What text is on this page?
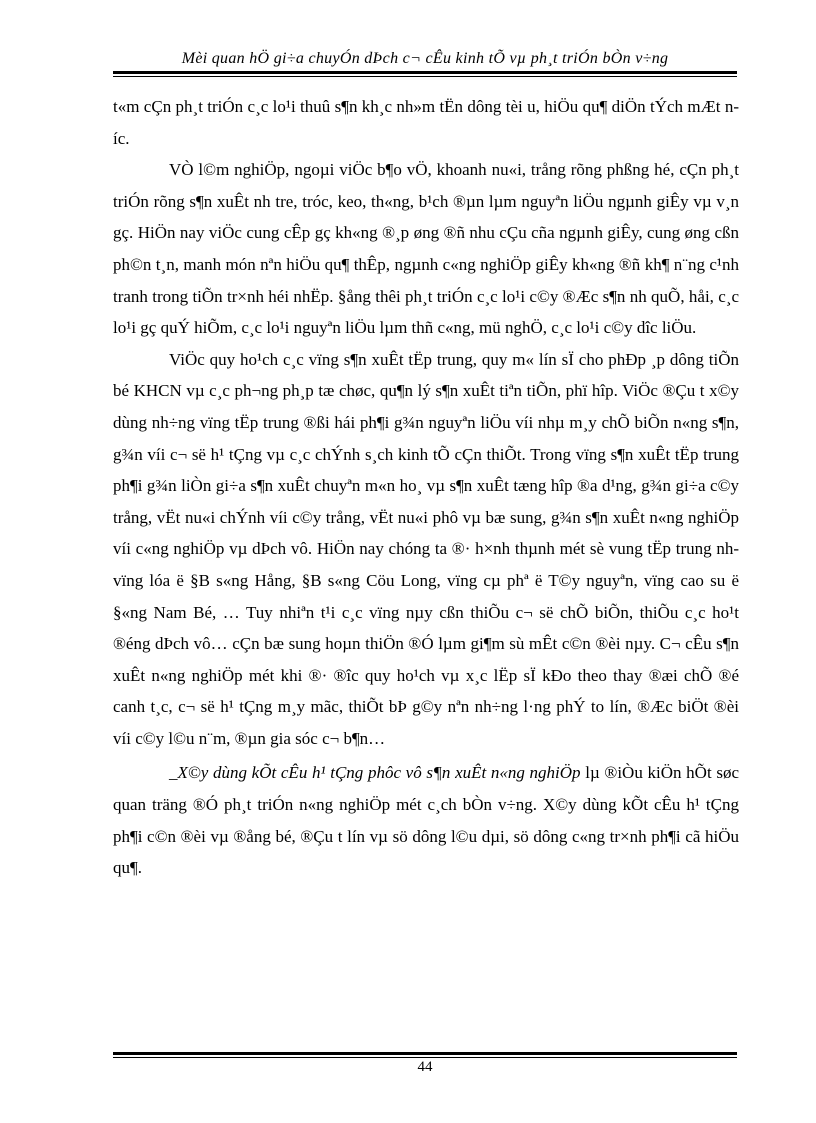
Mèi quan hÖ gi÷a chuyÓn dÞch c¬ cÊu kinh tÕ vµ ph¸t triÓn bÒn v÷ng

t«m cÇn ph¸t triÓn c¸c lo¹i thuû s¶n kh¸c nh»m tËn dông tèi u, hiÖu qu¶ diÖn tÝch mÆt níc.

VÒ l©m nghiÖp, ngoµi viÖc b¶o vÖ, khoanh nu«i, trång rõng phßng hé, cÇn ph¸t triÓn rõng s¶n xuÊt nh tre, tróc, keo, th«ng, b¹ch ®µn lµm nguyªn liÖu ngµnh giÊy vµ v¸n gç. HiÖn nay viÖc cung cÊp gç kh«ng ®¸p øng ®ñ nhu cÇu cña ngµnh giÊy, cung øng cßn ph©n t¸n, manh món nªn hiÖu qu¶ thÊp, ngµnh c«ng nghiÖp giÊy kh«ng ®ñ kh¶ n¨ng c¹nh tranh trong tiÕn tr×nh héi nhËp. §ång thêi ph¸t triÓn c¸c lo¹i c©y ®Æc s¶n nh quÕ, håi, c¸c lo¹i gç quÝ hiÕm, c¸c lo¹i nguyªn liÖu lµm thñ c«ng, mü nghÖ, c¸c lo¹i c©y dîc liÖu.

ViÖc quy ho¹ch c¸c vïng s¶n xuÊt tËp trung, quy m« lín sÏ cho phÐp ¸p dông tiÕn bé KHCN vµ c¸c ph¬ng ph¸p tæ chøc, qu¶n lý s¶n xuÊt tiªn tiÕn, phï hîp. ViÖc ®Çu t x©y dùng nh÷ng vïng tËp trung ®ßi hái ph¶i g¾n nguyªn liÖu víi nhµ m¸y chÕ biÕn n«ng s¶n, g¾n víi c¬ së h¹ tÇng vµ c¸c chÝnh s¸ch kinh tÕ cÇn thiÕt. Trong vïng s¶n xuÊt tËp trung ph¶i g¾n liÒn gi÷a s¶n xuÊt chuyªn m«n ho¸ vµ s¶n xuÊt tæng hîp ®a d¹ng, g¾n gi÷a c©y trång, vËt nu«i chÝnh víi c©y trång, vËt nu«i phô vµ bæ sung, g¾n s¶n xuÊt n«ng nghiÖp víi c«ng nghiÖp vµ dÞch vô. HiÖn nay chóng ta ®· h×nh thµnh mét sè vung tËp trung nh vïng lóa ë §B s«ng Hång, §B s«ng Cöu Long, vïng cµ phª ë T©y nguyªn, vïng cao su ë §«ng Nam Bé, … Tuy nhiªn t¹i c¸c vïng nµy cßn thiÕu c¬ së chÕ biÕn, thiÕu c¸c ho¹t ®éng dÞch vô… cÇn bæ sung hoµn thiÖn ®Ó lµm gi¶m sù mÊt c©n ®èi nµy. C¬ cÊu s¶n xuÊt n«ng nghiÖp mét khi ®· ®îc quy ho¹ch vµ x¸c lËp sÏ kÐo theo thay ®æi chÕ ®é canh t¸c, c¬ së h¹ tÇng m¸y mãc, thiÕt bÞ g©y nªn nh÷ng l·ng phÝ to lín, ®Æc biÖt ®èi víi c©y l©u n¨m, ®µn gia sóc c¬ b¶n…

_X©y dùng kÕt cÊu h¹ tÇng phôc vô s¶n xuÊt n«ng nghiÖp lµ ®iÒu kiÖn hÕt søc quan träng ®Ó ph¸t triÓn n«ng nghiÖp mét c¸ch bÒn v÷ng. X©y dùng kÕt cÊu h¹ tÇng ph¶i c©n ®èi vµ ®ång bé, ®Çu t lín vµ sö dông l©u dµi, sö dông c«ng tr×nh ph¶i cã hiÖu qu¶.

44
